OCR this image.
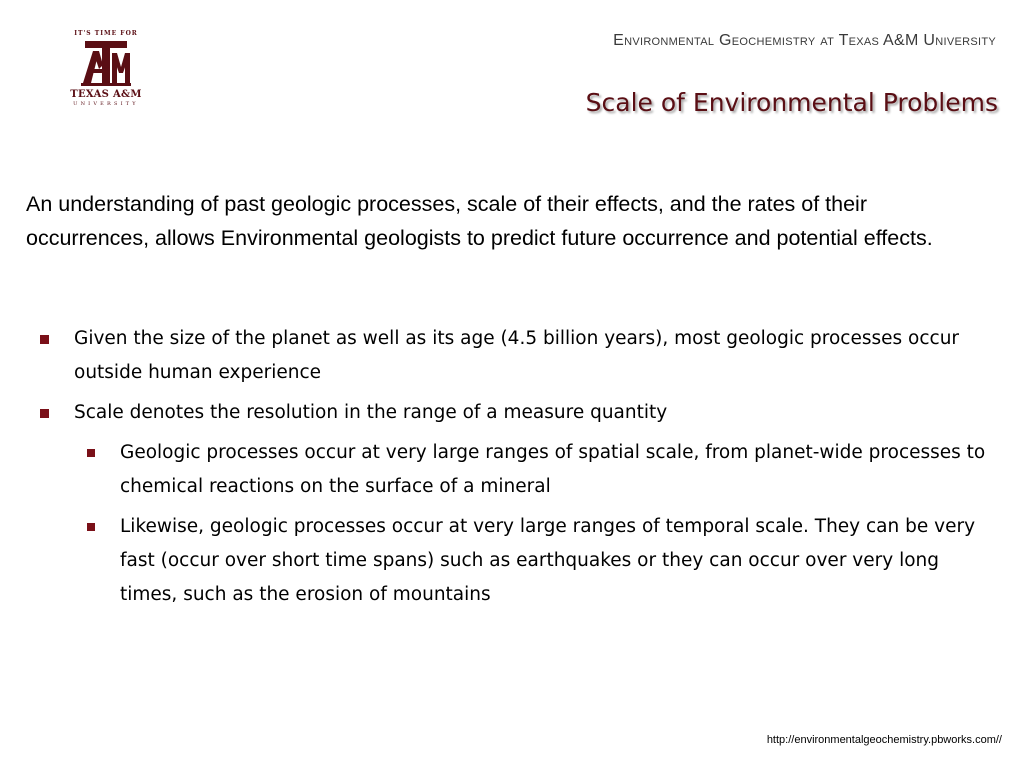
IT'S TIME FOR
TEXAS A&M
UNIVERSITY
Environmental Geochemistry at Texas A&M University
Scale of Environmental Problems
An understanding of past geologic processes, scale of their effects, and the rates of their occurrences, allows Environmental geologists to predict future occurrence and potential effects.
Given the size of the planet as well as its age (4.5 billion years), most geologic processes occur outside human experience
Scale denotes the resolution in the range of a measure quantity
Geologic processes occur at very large ranges of spatial scale, from planet-wide processes to chemical reactions on the surface of a mineral
Likewise, geologic processes occur at very large ranges of temporal scale. They can be very fast (occur over short time spans) such as earthquakes or they can occur over very long times, such as the erosion of mountains
http://environmentalgeochemistry.pbworks.com//
